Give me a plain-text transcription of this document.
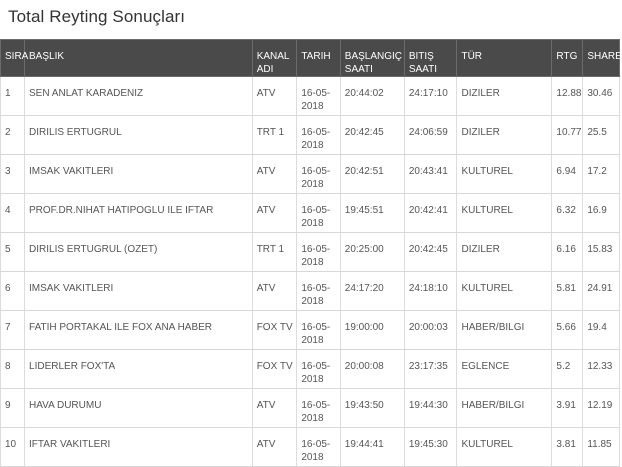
Total Reyting Sonuçları
SIRA	BAŞLIK	KANAL ADI	TARIH	BAŞLANGIÇ SAATI	BITIŞ SAATI	TÜR	RTG	SHARE
1	SEN ANLAT KARADENIZ	ATV	16-05-2018	20:44:02	24:17:10	DIZILER	12.88	30.46
2	DIRILIS ERTUGRUL	TRT 1	16-05-2018	20:42:45	24:06:59	DIZILER	10.77	25.5
3	IMSAK VAKITLERI	ATV	16-05-2018	20:42:51	20:43:41	KULTUREL	6.94	17.2
4	PROF.DR.NIHAT HATIPOGLU ILE IFTAR	ATV	16-05-2018	19:45:51	20:42:41	KULTUREL	6.32	16.9
5	DIRILIS ERTUGRUL (OZET)	TRT 1	16-05-2018	20:25:00	20:42:45	DIZILER	6.16	15.83
6	IMSAK VAKITLERI	ATV	16-05-2018	24:17:20	24:18:10	KULTUREL	5.81	24.91
7	FATIH PORTAKAL ILE FOX ANA HABER	FOX TV	16-05-2018	19:00:00	20:00:03	HABER/BILGI	5.66	19.4
8	LIDERLER FOX'TA	FOX TV	16-05-2018	20:00:08	23:17:35	EGLENCE	5.2	12.33
9	HAVA DURUMU	ATV	16-05-2018	19:43:50	19:44:30	HABER/BILGI	3.91	12.19
10	IFTAR VAKITLERI	ATV	16-05-2018	19:44:41	19:45:30	KULTUREL	3.81	11.85
